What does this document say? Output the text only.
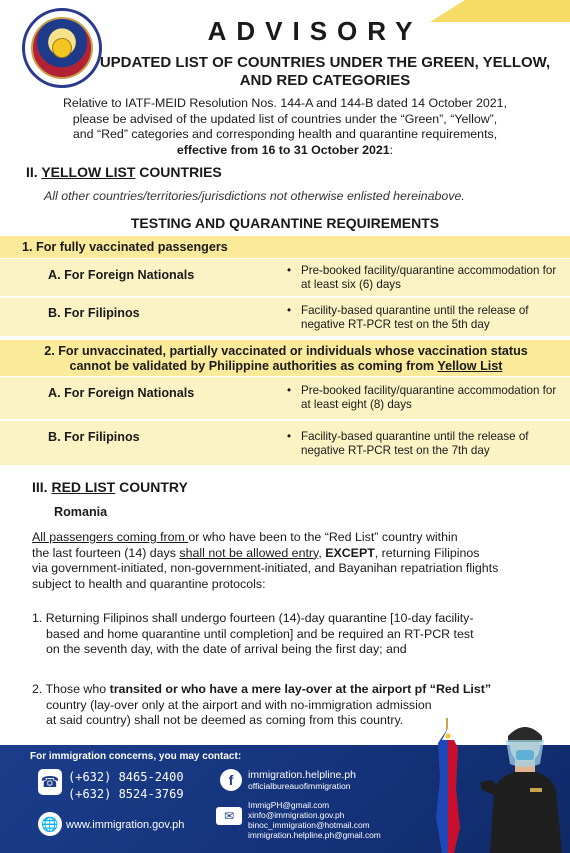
ADVISORY
UPDATED LIST OF COUNTRIES UNDER THE GREEN, YELLOW, AND RED CATEGORIES
Relative to IATF-MEID Resolution Nos. 144-A and 144-B dated 14 October 2021,
please be advised of the updated list of countries under the “Green”, “Yellow”,
and “Red” categories and corresponding health and quarantine requirements,
effective from 16 to 31 October 2021:
II. YELLOW LIST COUNTRIES
All other countries/territories/jurisdictions not otherwise enlisted hereinabove.
TESTING AND QUARANTINE REQUIREMENTS
1. For fully vaccinated passengers
A. For Foreign Nationals	• Pre-booked facility/quarantine accommodation for at least six (6) days
B. For Filipinos	• Facility-based quarantine until the release of negative RT-PCR test on the 5th day
2. For unvaccinated, partially vaccinated or individuals whose vaccination status
cannot be validated by Philippine authorities as coming from Yellow List
A. For Foreign Nationals	• Pre-booked facility/quarantine accommodation for at least eight (8) days
B. For Filipinos	• Facility-based quarantine until the release of negative RT-PCR test on the 7th day
III. RED LIST COUNTRY
Romania
All passengers coming from or who have been to the “Red List” country within
the last fourteen (14) days shall not be allowed entry, EXCEPT, returning Filipinos
via government-initiated, non-government-initiated, and Bayanihan repatriation flights
subject to health and quarantine protocols:
1. Returning Filipinos shall undergo fourteen (14)-day quarantine [10-day facility-
based and home quarantine until completion] and be required an RT-PCR test
on the seventh day, with the date of arrival being the first day; and
2. Those who transited or who have a mere lay-over at the airport pf “Red List”
country (lay-over only at the airport and with no-immigration admission
at said country) shall not be deemed as coming from this country.
For immigration concerns, you may contact:
☎ (+632) 8465-2400
(+632) 8524-3769
🌐 www.immigration.gov.ph
f	immigration.helpline.ph
officialbureauofimmigration
✉
ImmigPH@gmail.com
xinfo@immigration.gov.ph
binoc_immigration@hotmail.com
immigration.helpline.ph@gmail.com
